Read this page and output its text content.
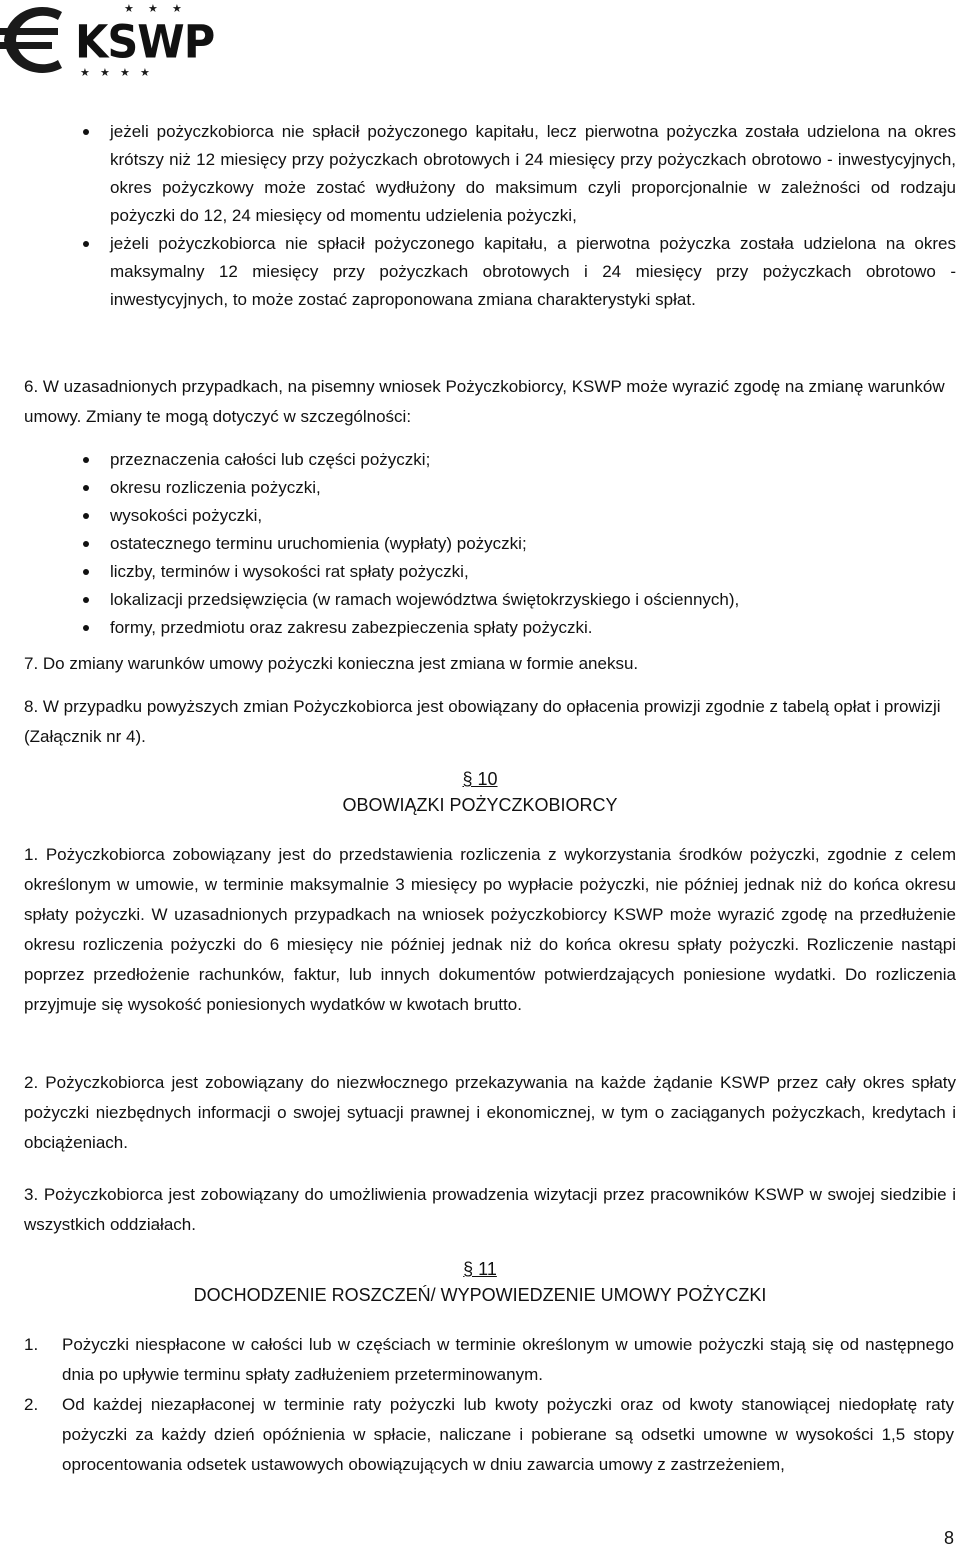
★ ★ ★
★ ★ ★ ★
KSWP

jeżeli pożyczkobiorca nie spłacił pożyczonego kapitału, lecz pierwotna pożyczka została udzielona na okres krótszy niż 12 miesięcy przy pożyczkach obrotowych i 24 miesięcy przy pożyczkach obrotowo - inwestycyjnych, okres pożyczkowy może zostać wydłużony do maksimum czyli proporcjonalnie w zależności od rodzaju pożyczki do 12, 24 miesięcy od momentu udzielenia pożyczki,

jeżeli pożyczkobiorca nie spłacił pożyczonego kapitału, a pierwotna pożyczka została udzielona na okres maksymalny 12 miesięcy przy pożyczkach obrotowych i 24 miesięcy przy pożyczkach obrotowo - inwestycyjnych, to może zostać zaproponowana zmiana charakterystyki spłat.

6. W uzasadnionych przypadkach, na pisemny wniosek Pożyczkobiorcy, KSWP może wyrazić zgodę na zmianę warunków umowy. Zmiany te mogą dotyczyć w szczególności:

przeznaczenia całości lub części pożyczki;

okresu rozliczenia pożyczki,

wysokości pożyczki,

ostatecznego terminu uruchomienia (wypłaty) pożyczki;

liczby, terminów i wysokości rat spłaty pożyczki,

lokalizacji przedsięwzięcia (w ramach województwa świętokrzyskiego i ościennych),

formy, przedmiotu oraz zakresu zabezpieczenia spłaty pożyczki.

7. Do zmiany warunków umowy pożyczki konieczna jest zmiana w formie aneksu.

8. W przypadku powyższych zmian Pożyczkobiorca jest obowiązany do opłacenia prowizji zgodnie z tabelą opłat i prowizji (Załącznik nr 4).

§ 10
OBOWIĄZKI POŻYCZKOBIORCY

1. Pożyczkobiorca zobowiązany jest do przedstawienia rozliczenia z wykorzystania środków pożyczki, zgodnie z celem określonym w umowie, w terminie maksymalnie 3 miesięcy po wypłacie pożyczki, nie później jednak niż do końca okresu spłaty pożyczki. W uzasadnionych przypadkach na wniosek pożyczkobiorcy KSWP może wyrazić zgodę na przedłużenie okresu rozliczenia pożyczki do 6 miesięcy nie później jednak niż do końca okresu spłaty pożyczki. Rozliczenie nastąpi poprzez przedłożenie rachunków, faktur, lub innych dokumentów potwierdzających poniesione wydatki. Do rozliczenia przyjmuje się wysokość poniesionych wydatków w kwotach brutto.

2. Pożyczkobiorca jest zobowiązany do niezwłocznego przekazywania na każde żądanie KSWP przez cały okres spłaty pożyczki niezbędnych informacji o swojej sytuacji prawnej i ekonomicznej, w tym o zaciąganych pożyczkach, kredytach i obciążeniach.

3. Pożyczkobiorca jest zobowiązany do umożliwienia prowadzenia wizytacji przez pracowników KSWP w swojej siedzibie i wszystkich oddziałach.

§ 11
DOCHODZENIE ROSZCZEŃ/ WYPOWIEDZENIE UMOWY POŻYCZKI
1. Pożyczki niespłacone w całości lub w częściach w terminie określonym w umowie pożyczki stają się od następnego dnia po upływie terminu spłaty zadłużeniem przeterminowanym.
2. Od każdej niezapłaconej w terminie raty pożyczki lub kwoty pożyczki oraz od kwoty stanowiącej niedopłatę raty pożyczki za każdy dzień opóźnienia w spłacie, naliczane i pobierane są odsetki umowne w wysokości 1,5 stopy oprocentowania odsetek ustawowych obowiązujących w dniu zawarcia umowy z zastrzeżeniem,
8
